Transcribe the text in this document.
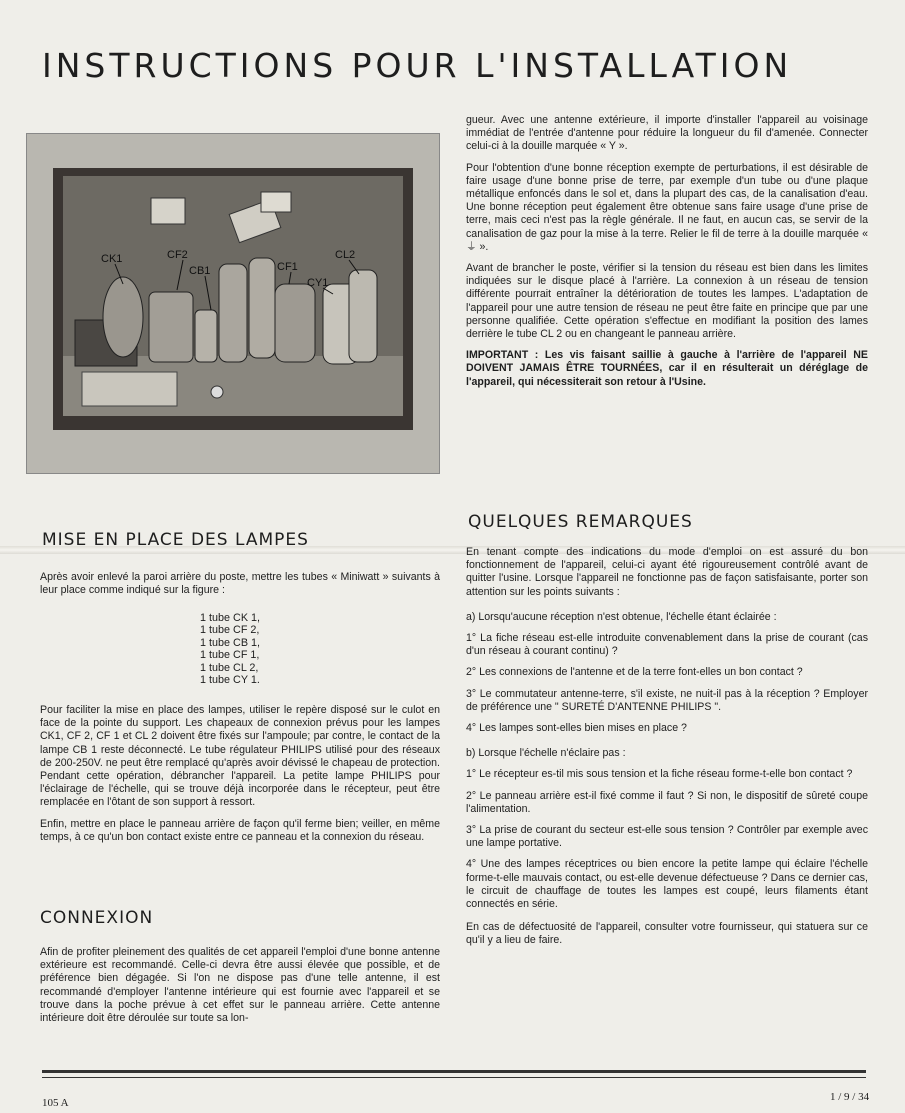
INSTRUCTIONS POUR L'INSTALLATION
CK1	CF2
CB1	CF1
CY1
CL2
MISE EN PLACE DES LAMPES

Après avoir enlevé la paroi arrière du poste, mettre les tubes « Miniwatt » suivants à leur place comme indiqué sur la figure :

1 tube CK 1,
1 tube CF 2,
1 tube CB 1,
1 tube CF 1,
1 tube CL 2,
1 tube CY 1.

Pour faciliter la mise en place des lampes, utiliser le repère disposé sur le culot en face de la pointe du support. Les chapeaux de connexion prévus pour les lampes CK1, CF 2, CF 1 et CL 2 doivent être fixés sur l'ampoule; par contre, le contact de la lampe CB 1 reste déconnecté. Le tube régulateur PHILIPS utilisé pour des réseaux de 200-250V. ne peut être remplacé qu'après avoir dévissé le chapeau de protection. Pendant cette opération, débrancher l'appareil. La petite lampe PHILIPS pour l'éclairage de l'échelle, qui se trouve déjà incorporée dans le récepteur, peut être remplacée en l'ôtant de son support à ressort.

Enfin, mettre en place le panneau arrière de façon qu'il ferme bien; veiller, en même temps, à ce qu'un bon contact existe entre ce panneau et la connexion du réseau.

CONNEXION

Afin de profiter pleinement des qualités de cet appareil l'emploi d'une bonne antenne extérieure est recommandé. Celle-ci devra être aussi élevée que possible, et de préférence bien dégagée. Si l'on ne dispose pas d'une telle antenne, il est recommandé d'employer l'antenne intérieure qui est fournie avec l'appareil et se trouve dans la poche prévue à cet effet sur le panneau arrière. Cette antenne intérieure doit être déroulée sur toute sa lon-

gueur. Avec une antenne extérieure, il importe d'installer l'appareil au voisinage immédiat de l'entrée d'antenne pour réduire la longueur du fil d'amenée. Connecter celui-ci à la douille marquée « Y ».

Pour l'obtention d'une bonne réception exempte de perturbations, il est désirable de faire usage d'une bonne prise de terre, par exemple d'un tube ou d'une plaque métallique enfoncés dans le sol et, dans la plupart des cas, de la canalisation d'eau. Une bonne réception peut également être obtenue sans faire usage d'une prise de terre, mais ceci n'est pas la règle générale. Il ne faut, en aucun cas, se servir de la canalisation de gaz pour la mise à la terre. Relier le fil de terre à la douille marquée « ⏚ ».

Avant de brancher le poste, vérifier si la tension du réseau est bien dans les limites indiquées sur le disque placé à l'arrière. La connexion à un réseau de tension différente pourrait entraîner la détérioration de toutes les lampes. L'adaptation de l'appareil pour une autre tension de réseau ne peut être faite en principe que par une personne qualifiée. Cette opération s'effectue en modifiant la position des lames derrière le tube CL 2 ou en changeant le panneau arrière.

IMPORTANT : Les vis faisant saillie à gauche à l'arrière de l'appareil NE DOIVENT JAMAIS ÊTRE TOURNÉES, car il en résulterait un déréglage de l'appareil, qui nécessiterait son retour à l'Usine.

QUELQUES REMARQUES

En tenant compte des indications du mode d'emploi on est assuré du bon fonctionnement de l'appareil, celui-ci ayant été rigoureusement contrôlé avant de quitter l'usine. Lorsque l'appareil ne fonctionne pas de façon satisfaisante, porter son attention sur les points suivants :

a) Lorsqu'aucune réception n'est obtenue, l'échelle étant éclairée :

1° La fiche réseau est-elle introduite convenablement dans la prise de courant (cas d'un réseau à courant continu) ?

2° Les connexions de l'antenne et de la terre font-elles un bon contact ?

3° Le commutateur antenne-terre, s'il existe, ne nuit-il pas à la réception ? Employer de préférence une " SURETÉ D'ANTENNE PHILIPS ".

4° Les lampes sont-elles bien mises en place ?

b) Lorsque l'échelle n'éclaire pas :

1° Le récepteur es-til mis sous tension et la fiche réseau forme-t-elle bon contact ?

2° Le panneau arrière est-il fixé comme il faut ? Si non, le dispositif de sûreté coupe l'alimentation.

3° La prise de courant du secteur est-elle sous tension ? Contrôler par exemple avec une lampe portative.

4° Une des lampes réceptrices ou bien encore la petite lampe qui éclaire l'échelle forme-t-elle mauvais contact, ou est-elle devenue défectueuse ? Dans ce dernier cas, le circuit de chauffage de toutes les lampes est coupé, leurs filaments étant connectés en série.

En cas de défectuosité de l'appareil, consulter votre fournisseur, qui statuera sur ce qu'il y a lieu de faire.

105 A	1 / 9 / 34
